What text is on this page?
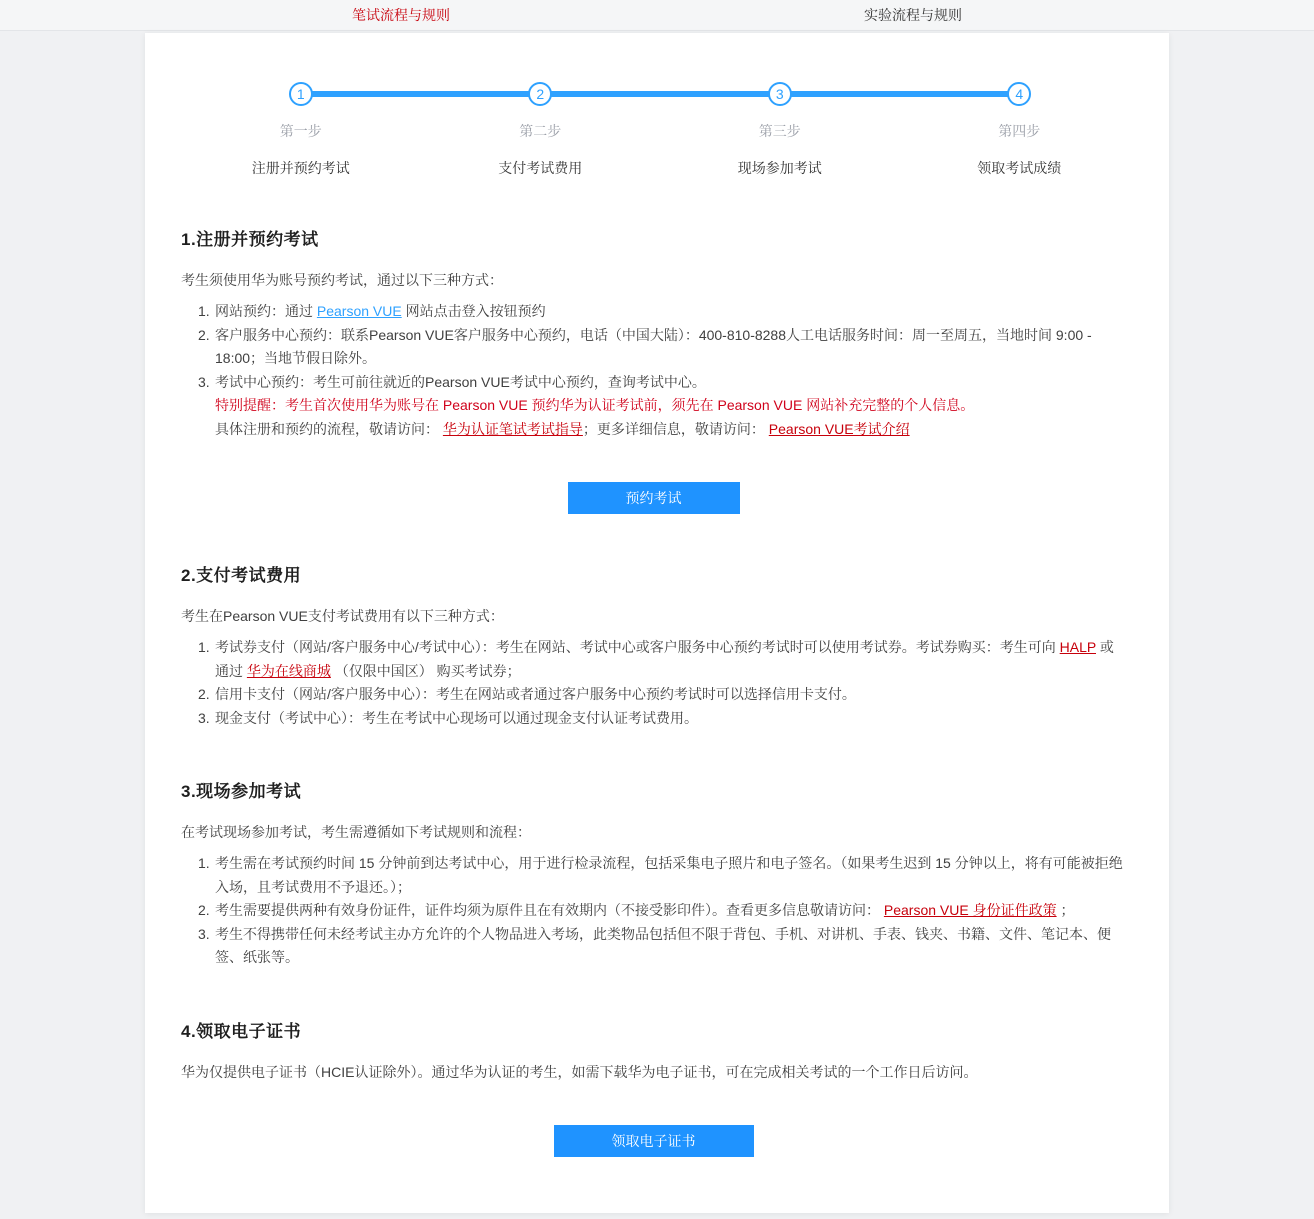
笔试流程与规则	实验流程与规则
1
第一步
注册并预约考试
2
第二步
支付考试费用
3
第三步
现场参加考试
4
第四步
领取考试成绩
1.注册并预约考试

考生须使用华为账号预约考试，通过以下三种方式：

网站预约：通过 Pearson VUE 网站点击登入按钮预约
客户服务中心预约：联系Pearson VUE客户服务中心预约，电话（中国大陆）：400-810-8288人工电话服务时间：周一至周五，当地时间 9:00 - 18:00；当地节假日除外。
考试中心预约：考生可前往就近的Pearson VUE考试中心预约，查询考试中心。

特别提醒：考生首次使用华为账号在 Pearson VUE 预约华为认证考试前，须先在 Pearson VUE 网站补充完整的个人信息。

具体注册和预约的流程，敬请访问： 华为认证笔试考试指导；更多详细信息，敬请访问： Pearson VUE考试介绍

预约考试
2.支付考试费用

考生在Pearson VUE支付考试费用有以下三种方式：

考试券支付（网站/客户服务中心/考试中心）：考生在网站、考试中心或客户服务中心预约考试时可以使用考试券。考试券购买：考生可向 HALP 或通过 华为在线商城 （仅限中国区） 购买考试券；
信用卡支付（网站/客户服务中心）：考生在网站或者通过客户服务中心预约考试时可以选择信用卡支付。
现金支付（考试中心）：考生在考试中心现场可以通过现金支付认证考试费用。
3.现场参加考试

在考试现场参加考试，考生需遵循如下考试规则和流程：

考生需在考试预约时间 15 分钟前到达考试中心，用于进行检录流程，包括采集电子照片和电子签名。（如果考生迟到 15 分钟以上，将有可能被拒绝入场，且考试费用不予退还。）；
考生需要提供两种有效身份证件，证件均须为原件且在有效期内（不接受影印件）。查看更多信息敬请访问： Pearson VUE 身份证件政策 ；
考生不得携带任何未经考试主办方允许的个人物品进入考场，此类物品包括但不限于背包、手机、对讲机、手表、钱夹、书籍、文件、笔记本、便签、纸张等。
4.领取电子证书

华为仅提供电子证书（HCIE认证除外）。通过华为认证的考生，如需下载华为电子证书，可在完成相关考试的一个工作日后访问。

领取电子证书
